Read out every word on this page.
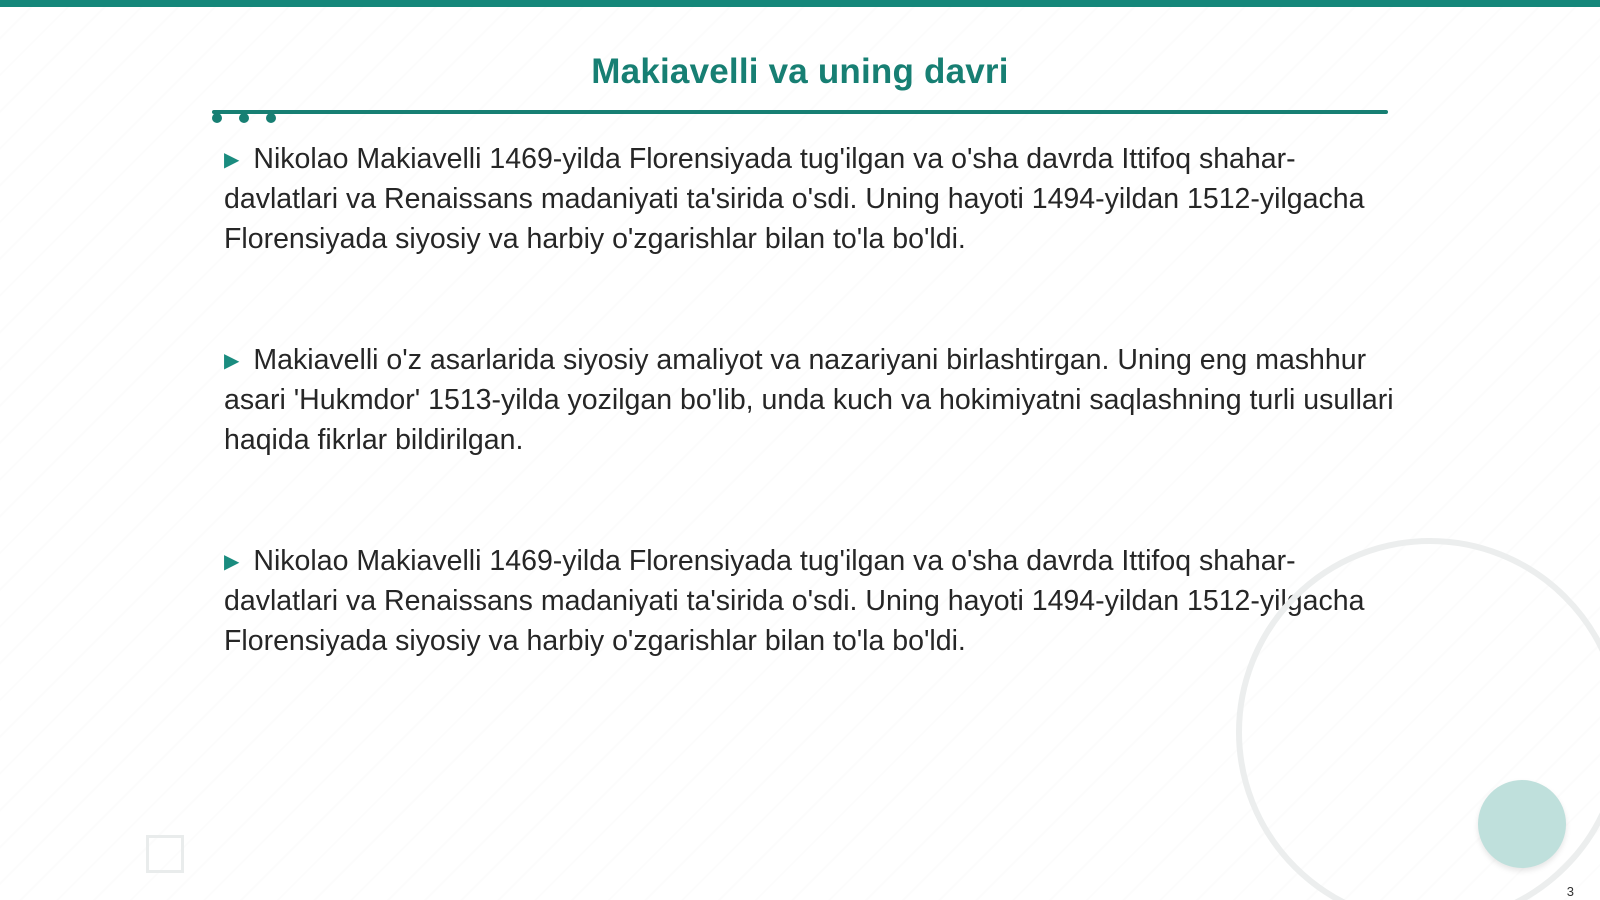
Makiavelli va uning davri

▶ Nikolao Makiavelli 1469-yilda Florensiyada tug'ilgan va o'sha davrda Ittifoq shahar-davlatlari va Renaissans madaniyati ta'sirida o'sdi. Uning hayoti 1494-yildan 1512-yilgacha Florensiyada siyosiy va harbiy o'zgarishlar bilan to'la bo'ldi.

▶ Makiavelli o'z asarlarida siyosiy amaliyot va nazariyani birlashtirgan. Uning eng mashhur asari 'Hukmdor' 1513-yilda yozilgan bo'lib, unda kuch va hokimiyatni saqlashning turli usullari haqida fikrlar bildirilgan.

▶ Nikolao Makiavelli 1469-yilda Florensiyada tug'ilgan va o'sha davrda Ittifoq shahar-davlatlari va Renaissans madaniyati ta'sirida o'sdi. Uning hayoti 1494-yildan 1512-yilgacha Florensiyada siyosiy va harbiy o'zgarishlar bilan to'la bo'ldi.

3
